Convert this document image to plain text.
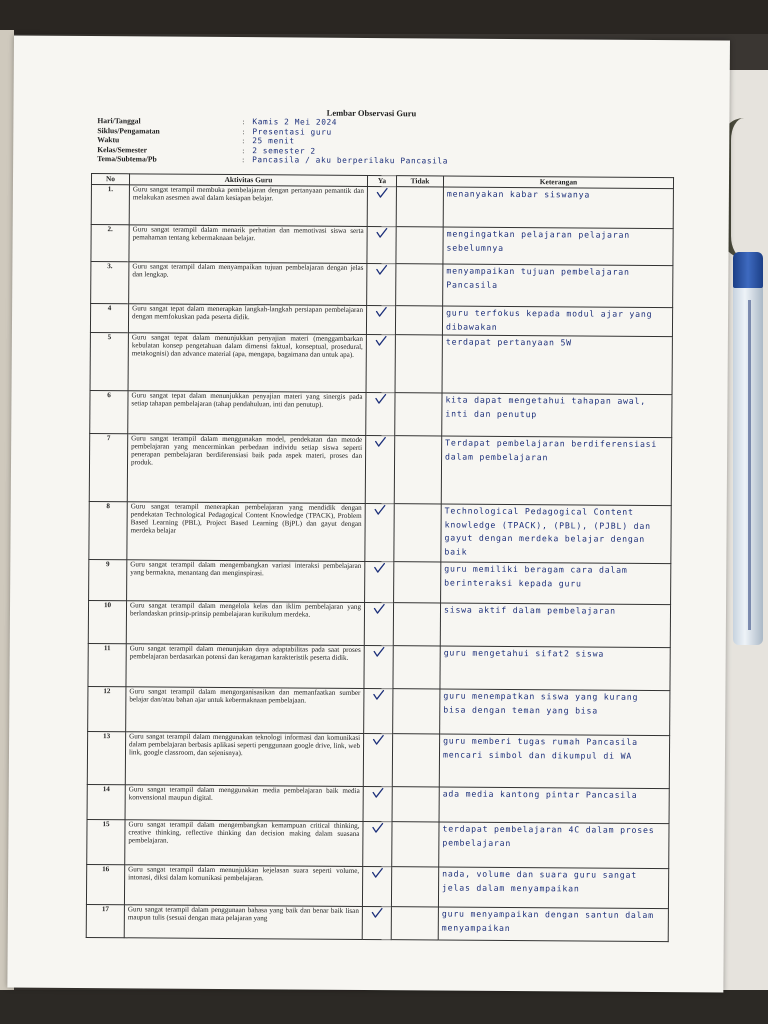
Lembar Observasi Guru
Hari/Tanggal	:	Kamis 2 Mei 2024
Siklus/Pengamatan	:	Presentasi guru
Waktu	:	25 menit
Kelas/Semester	:	2 semester 2
Tema/Subtema/Pb	:	Pancasila / aku berperilaku Pancasila
No	Aktivitas Guru	Ya	Tidak	Keterangan
1.	Guru sangat terampil membuka pembelajaran dengan pertanyaan pemantik dan melakukan asesmen awal dalam kesiapan belajar.			menanyakan kabar siswanya
2.	Guru sangat terampil dalam menarik perhatian dan memotivasi siswa serta pemahaman tentang kebermaknaan belajar.			mengingatkan pelajaran pelajaran sebelumnya
3.	Guru sangat terampil dalam menyampaikan tujuan pembelajaran dengan jelas dan lengkap.			menyampaikan tujuan pembelajaran Pancasila
4	Guru sangat tepat dalam menerapkan langkah-langkah persiapan pembelajaran dengan memfokuskan pada peserta didik.			guru terfokus kepada modul ajar yang dibawakan
5	Guru sangat tepat dalam menunjukkan penyajian materi (menggambarkan kebulatan konsep pengetahuan dalam dimensi faktual, konseptual, prosedural, metakognisi) dan advance material (apa, mengapa, bagaimana dan untuk apa).			terdapat pertanyaan 5W
6	Guru sangat tepat dalam menunjukkan penyajian materi yang sinergis pada setiap tahapan pembelajaran (tahap pendahuluan, inti dan penutup).			kita dapat mengetahui tahapan awal, inti dan penutup
7	Guru sangat terampil dalam menggunakan model, pendekatan dan metode pembelajaran yang mencerminkan perbedaan individu setiap siswa seperti penerapan pembelajaran berdiferensiasi baik pada aspek materi, proses dan produk.			Terdapat pembelajaran berdiferensiasi dalam pembelajaran
8	Guru sangat terampil menerapkan pembelajaran yang mendidik dengan pendekatan Technological Pedagogical Content Knowledge (TPACK), Problem Based Learning (PBL), Project Based Learning (BjPL) dan gayut dengan merdeka belajar			Technological Pedagogical Content knowledge (TPACK), (PBL), (PJBL) dan gayut dengan merdeka belajar dengan baik
9	Guru sangat terampil dalam mengembangkan variasi interaksi pembelajaran yang bermakna, menantang dan menginspirasi.			guru memiliki beragam cara dalam berinteraksi kepada guru
10	Guru sangat terampil dalam mengelola kelas dan iklim pembelajaran yang berlandaskan prinsip-prinsip pembelajaran kurikulum merdeka.			siswa aktif dalam pembelajaran
11	Guru sangat terampil dalam menunjukan daya adaptabilitas pada saat proses pembelajaran berdasarkan potensi dan keragaman karakteristik peserta didik.			guru mengetahui sifat2 siswa
12	Guru sangat terampil dalam mengorganisasikan dan memanfaatkan sumber belajar dan/atau bahan ajar untuk kebermaknaan pembelajaan.			guru menempatkan siswa yang kurang bisa dengan teman yang bisa
13	Guru sangat terampil dalam menggunakan teknologi informasi dan komunikasi dalam pembelajaran berbasis aplikasi seperti penggunaan google drive, link, web link, google classroom, dan sejenisnya).			guru memberi tugas rumah Pancasila mencari simbol dan dikumpul di WA
14	Guru sangat terampil dalam menggunakan media pembelajaran baik media konvensional maupun digital.			ada media kantong pintar Pancasila
15	Guru sangat terampil dalam mengembangkan kemampuan critical thinking, creative thinking, reflective thinking dan decision making dalam suasana pembelajaran.			terdapat pembelajaran 4C dalam proses pembelajaran
16	Guru sangat terampil dalam menunjukkan kejelasan suara seperti volume, intonasi, diksi dalam komunikasi pembelajaran.			nada, volume dan suara guru sangat jelas dalam menyampaikan
17	Guru sangat terampil dalam penggunaan bahasa yang baik dan benar baik lisan maupun tulis (sesuai dengan mata pelajaran yang			guru menyampaikan dengan santun dalam menyampaikan
